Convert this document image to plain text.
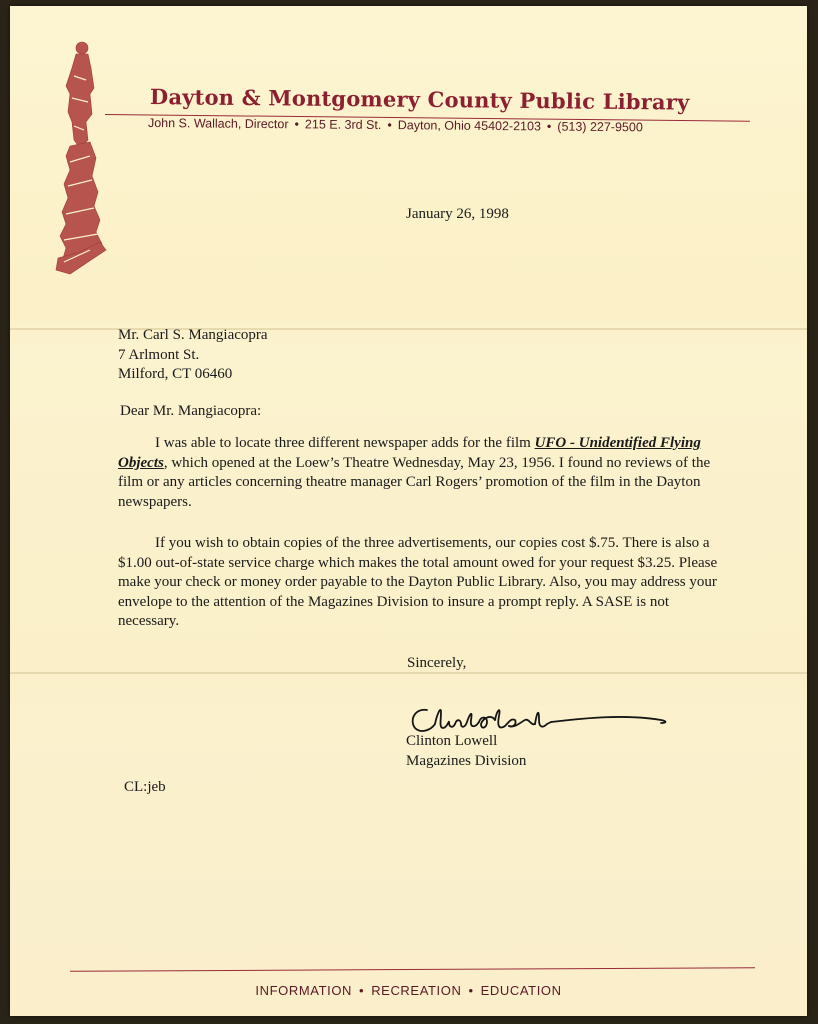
Dayton & Montgomery County Public Library
John S. Wallach, Director • 215 E. 3rd St. • Dayton, Ohio 45402-2103 • (513) 227-9500
January 26, 1998
Mr. Carl S. Mangiacopra
7 Arlmont St.
Milford, CT 06460
Dear Mr. Mangiacopra:
I was able to locate three different newspaper adds for the film UFO - Unidentified Flying Objects, which opened at the Loew’s Theatre Wednesday, May 23, 1956. I found no reviews of the film or any articles concerning theatre manager Carl Rogers’ promotion of the film in the Dayton newspapers.
If you wish to obtain copies of the three advertisements, our copies cost $.75. There is also a $1.00 out-of-state service charge which makes the total amount owed for your request $3.25. Please make your check or money order payable to the Dayton Public Library. Also, you may address your envelope to the attention of the Magazines Division to insure a prompt reply. A SASE is not necessary.
Sincerely,
Clinton Lowell
Magazines Division
CL:jeb
INFORMATION • RECREATION • EDUCATION
